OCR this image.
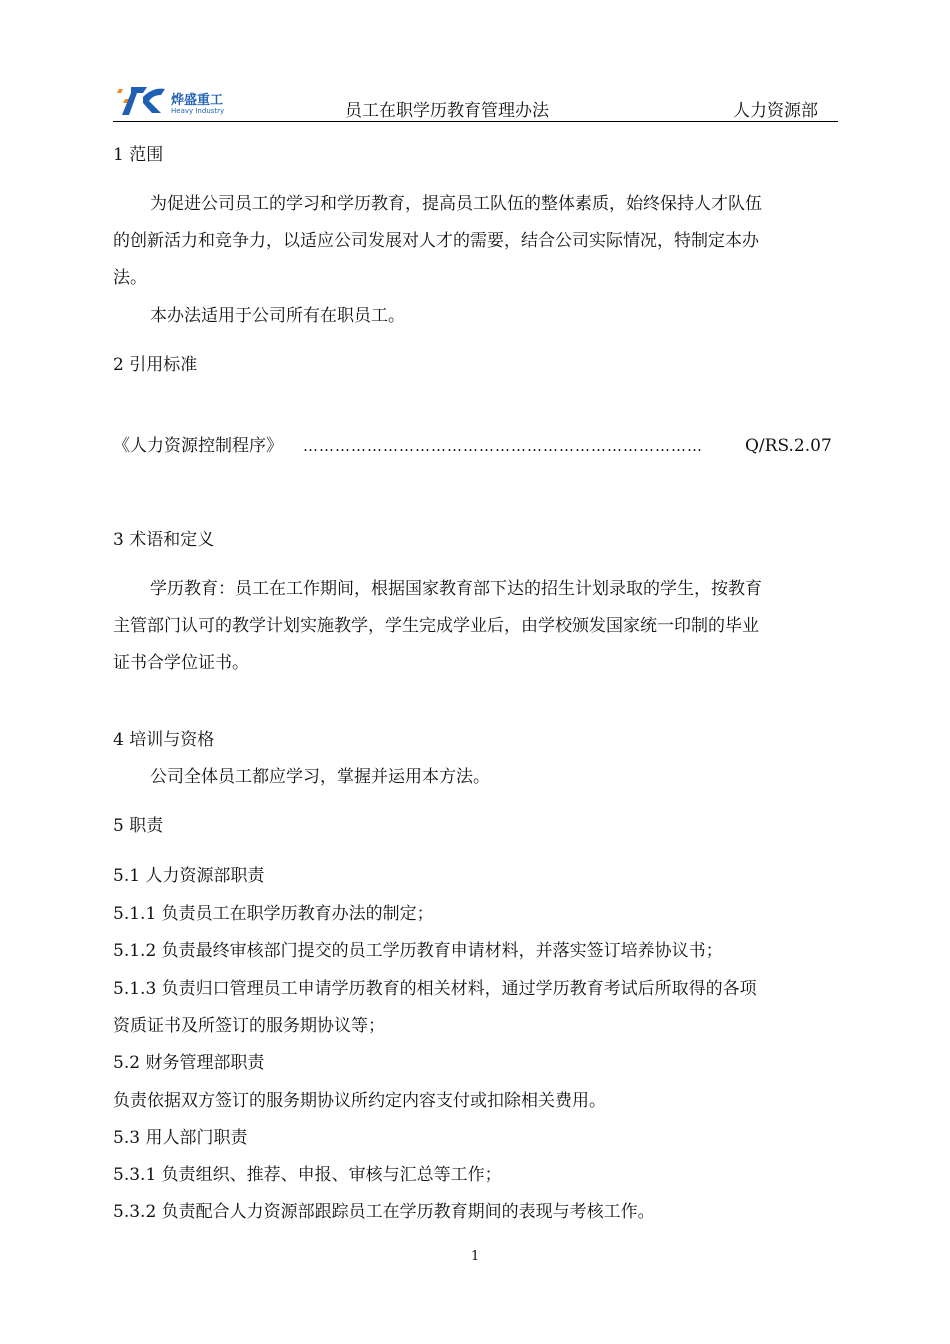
烨盛重工
Heavy Industry	员工在职学历教育管理办法	人力资源部
1 范围
为促进公司员工的学习和学历教育，提高员工队伍的整体素质，始终保持人才队伍
的创新活力和竞争力，以适应公司发展对人才的需要，结合公司实际情况，特制定本办
法。
本办法适用于公司所有在职员工。
2 引用标准
《人力资源控制程序》 …………………………………………………………………	Q/RS.2.07
3 术语和定义
学历教育：员工在工作期间，根据国家教育部下达的招生计划录取的学生，按教育
主管部门认可的教学计划实施教学，学生完成学业后，由学校颁发国家统一印制的毕业
证书合学位证书。
4 培训与资格
公司全体员工都应学习，掌握并运用本方法。
5 职责
5.1 人力资源部职责
5.1.1 负责员工在职学历教育办法的制定；
5.1.2 负责最终审核部门提交的员工学历教育申请材料，并落实签订培养协议书；
5.1.3 负责归口管理员工申请学历教育的相关材料，通过学历教育考试后所取得的各项
资质证书及所签订的服务期协议等；
5.2 财务管理部职责
负责依据双方签订的服务期协议所约定内容支付或扣除相关费用。
5.3 用人部门职责
5.3.1 负责组织、推荐、申报、审核与汇总等工作；
5.3.2 负责配合人力资源部跟踪员工在学历教育期间的表现与考核工作。
1
